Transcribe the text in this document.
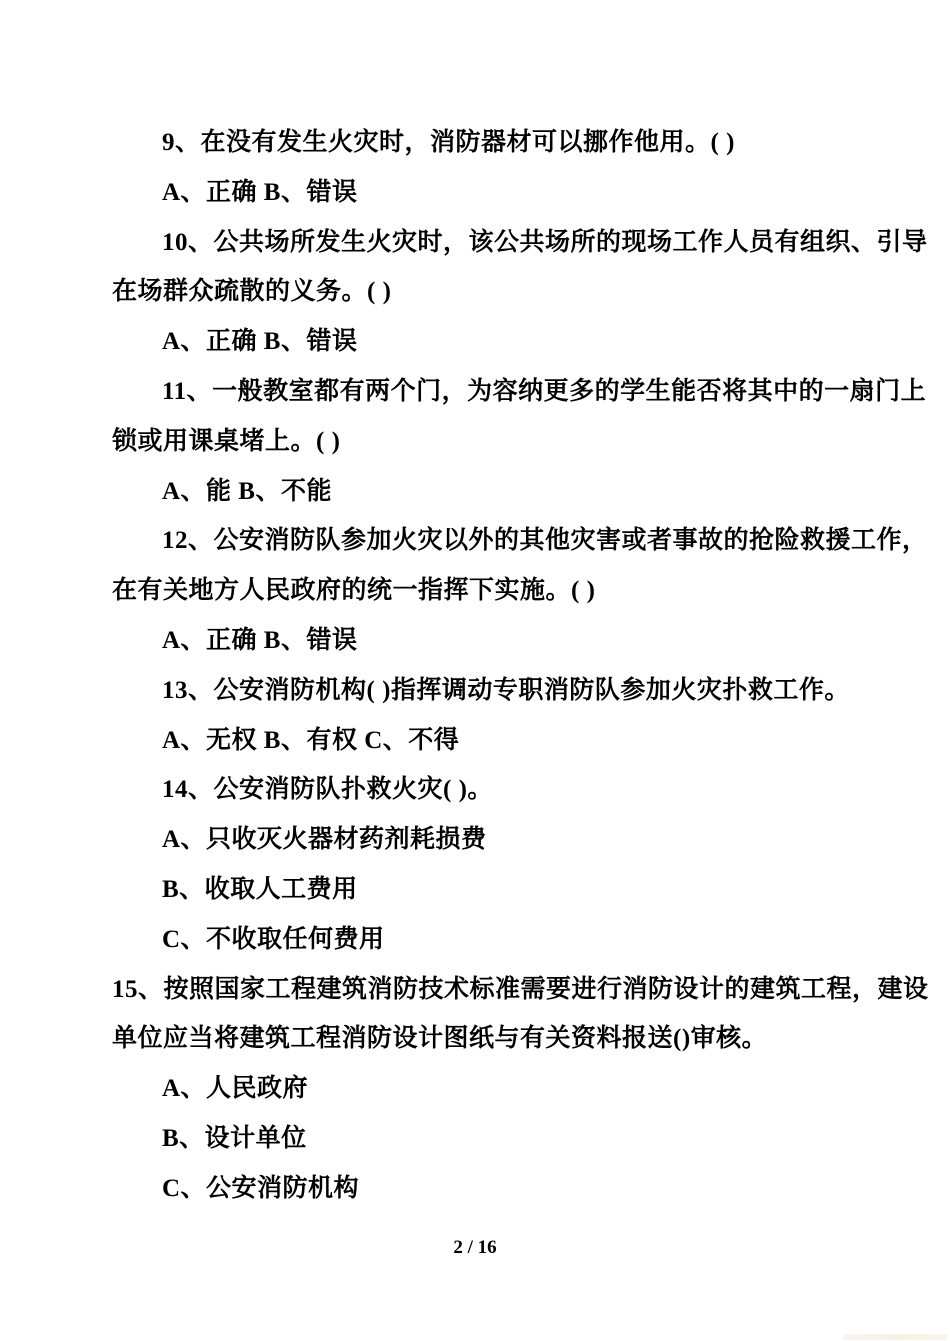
9、在没有发生火灾时，消防器材可以挪作他用。( )
A、正确 B、错误
10、公共场所发生火灾时，该公共场所的现场工作人员有组织、引导
在场群众疏散的义务。( )
A、正确 B、错误
11、一般教室都有两个门，为容纳更多的学生能否将其中的一扇门上
锁或用课桌堵上。( )
A、能 B、不能
12、公安消防队参加火灾以外的其他灾害或者事故的抢险救援工作，
在有关地方人民政府的统一指挥下实施。( )
A、正确 B、错误
13、公安消防机构( )指挥调动专职消防队参加火灾扑救工作。
A、无权 B、有权 C、不得
14、公安消防队扑救火灾( )。
A、只收灭火器材药剂耗损费
B、收取人工费用
C、不收取任何费用
15、按照国家工程建筑消防技术标准需要进行消防设计的建筑工程，建设
单位应当将建筑工程消防设计图纸与有关资料报送()审核。
A、人民政府
B、设计单位
C、公安消防机构
2 / 16
